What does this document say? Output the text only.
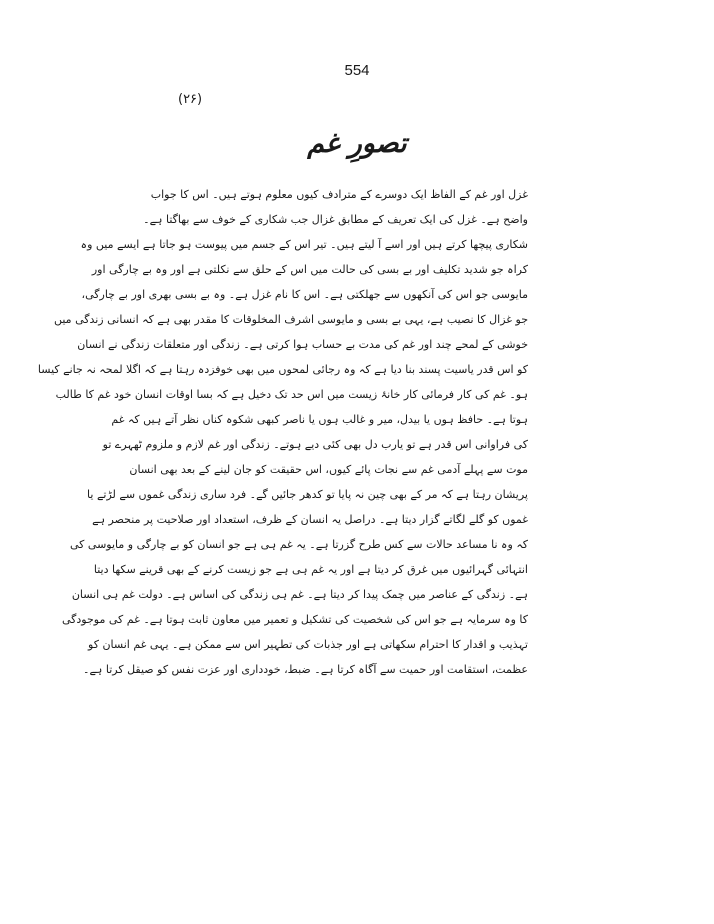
554
(۲۶)
تصورِ غم
غزل اور غم کے الفاظ ایک دوسرے کے مترادف کیوں معلوم ہوتے ہیں۔ اس کا جواب
واضح ہے۔ غزل کی ایک تعریف کے مطابق غزال جب شکاری کے خوف سے بھاگتا ہے۔
شکاری پیچھا کرتے ہیں اور اسے آ لیتے ہیں۔ تیر اس کے جسم میں پیوست ہو جاتا ہے ایسے میں وہ
کراہ جو شدید تکلیف اور بے بسی کی حالت میں اس کے حلق سے نکلتی ہے اور وہ بے چارگی اور
مایوسی جو اس کی آنکھوں سے جھلکتی ہے۔ اس کا نام غزل ہے۔ وہ بے بسی بھری اور بے چارگی،
جو غزال کا نصیب ہے، یہی بے بسی و مایوسی اشرف المخلوقات کا مقدر بھی ہے کہ انسانی زندگی میں
خوشی کے لمحے چند اور غم کی مدت بے حساب ہوا کرتی ہے۔ زندگی اور متعلقات زندگی نے انسان
کو اس قدر یاسیت پسند بنا دیا ہے کہ وہ رجائی لمحوں میں بھی خوفزدہ رہتا ہے کہ اگلا لمحہ نہ جانے کیسا
ہو۔ غم کی کار فرمائی کار خانۂ زیست میں اس حد تک دخیل ہے کہ بسا اوقات انسان خود غم کا طالب
ہوتا ہے۔ حافظ ہوں یا بیدل، میر و غالب ہوں یا ناصر کبھی شکوہ کناں نظر آتے ہیں کہ غم
کی فراوانی اس قدر ہے تو یارب دل بھی کئی دیے ہوتے۔ زندگی اور غم لازم و ملزوم ٹھہرے تو
موت سے پہلے آدمی غم سے نجات پائے کیوں، اس حقیقت کو جان لینے کے بعد بھی انسان
پریشان رہتا ہے کہ مر کے بھی چین نہ پایا تو کدھر جائیں گے۔ فرد ساری زندگی غموں سے لڑتے یا
غموں کو گلے لگاتے گزار دیتا ہے۔ دراصل یہ انسان کے ظرف، استعداد اور صلاحیت پر منحصر ہے
کہ وہ نا مساعد حالات سے کس طرح گزرتا ہے۔ یہ غم ہی ہے جو انسان کو بے چارگی و مایوسی کی
انتہائی گہرائیوں میں غرق کر دیتا ہے اور یہ غم ہی ہے جو زیست کرنے کے بھی قرینے سکھا دیتا
ہے۔ زندگی کے عناصر میں چمک پیدا کر دیتا ہے۔ غم ہی زندگی کی اساس ہے۔ دولت غم ہی انسان
کا وہ سرمایہ ہے جو اس کی شخصیت کی تشکیل و تعمیر میں معاون ثابت ہوتا ہے۔ غم کی موجودگی
تہذیب و اقدار کا احترام سکھاتی ہے اور جذبات کی تطہیر اس سے ممکن ہے۔ یہی غم انسان کو
عظمت، استقامت اور حمیت سے آگاہ کرتا ہے۔ ضبط، خودداری اور عزت نفس کو صیقل کرتا ہے۔
